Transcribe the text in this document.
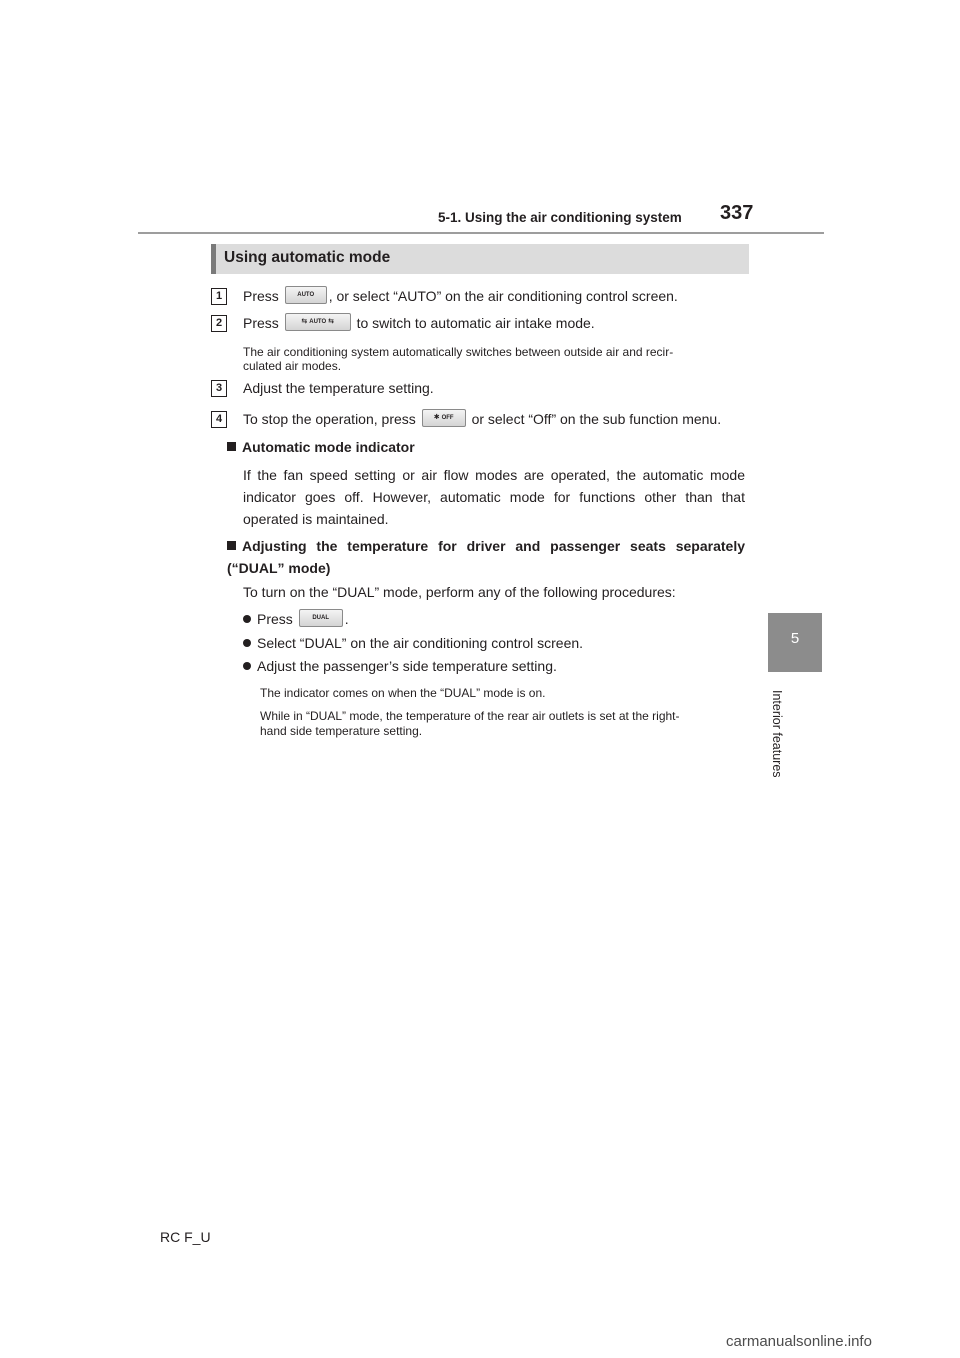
5-1. Using the air conditioning system 337
5
Interior features
Using automatic mode
1	Press	AUTO , or select “AUTO” on the air conditioning control screen.
2	Press	⇆ AUTO ⇆ to switch to automatic air intake mode.
The air conditioning system automatically switches between outside air and recir-
culated air modes.
3	Adjust the temperature setting.
4	To stop the operation, press	✱ OFF or select “Off” on the sub function menu.
Automatic mode indicator
If the fan speed setting or air flow modes are operated, the automatic mode indicator goes off. However, automatic mode for functions other than that operated is maintained.
Adjusting the temperature for driver and passenger seats separately (“DUAL” mode)
To turn on the “DUAL” mode, perform any of the following procedures:
Press	DUAL .
Select “DUAL” on the air conditioning control screen.
Adjust the passenger’s side temperature setting.
The indicator comes on when the “DUAL” mode is on.
While in “DUAL” mode, the temperature of the rear air outlets is set at the right-
hand side temperature setting.
RC F_U
carmanualsonline.info
